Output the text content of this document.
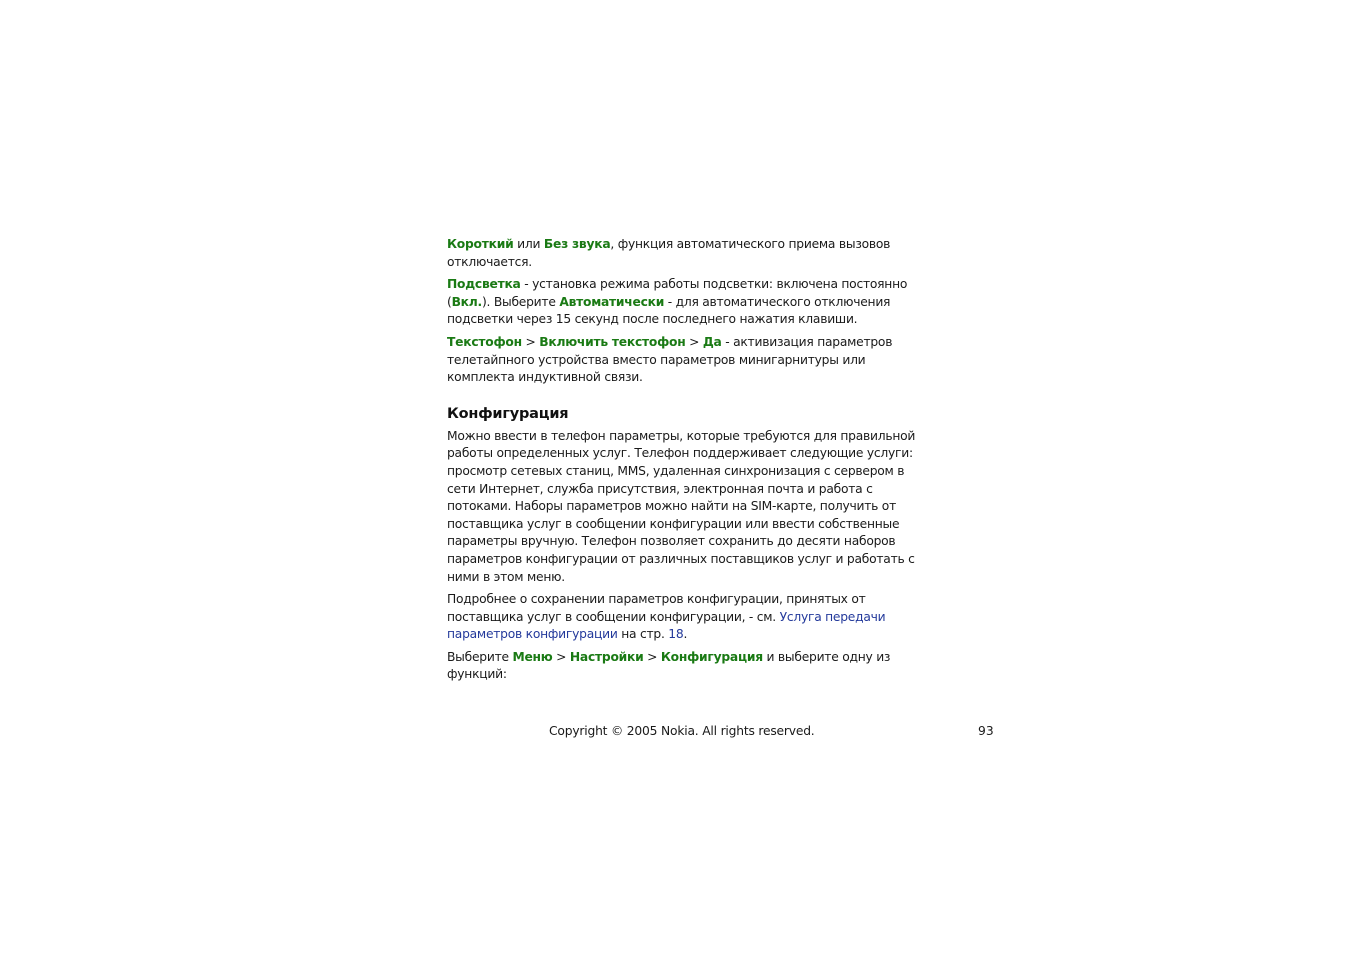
Короткий или Без звука, функция автоматического приема вызовов отключается.

Подсветка - установка режима работы подсветки: включена постоянно (Вкл.). Выберите Автоматически - для автоматического отключения подсветки через 15 секунд после последнего нажатия клавиши.

Текстофон > Включить текстофон > Да - активизация параметров телетайпного устройства вместо параметров минигарнитуры или комплекта индуктивной связи.

Конфигурация

Можно ввести в телефон параметры, которые требуются для правильной работы определенных услуг. Телефон поддерживает следующие услуги: просмотр сетевых станиц, MMS, удаленная синхронизация с сервером в сети Интернет, служба присутствия, электронная почта и работа с потоками. Наборы параметров можно найти на SIM-карте, получить от поставщика услуг в сообщении конфигурации или ввести собственные параметры вручную. Телефон позволяет сохранить до десяти наборов параметров конфигурации от различных поставщиков услуг и работать с ними в этом меню.

Подробнее о сохранении параметров конфигурации, принятых от поставщика услуг в сообщении конфигурации, - см. Услуга передачи параметров конфигурации на стр. 18.

Выберите Меню > Настройки > Конфигурация и выберите одну из функций:

Copyright © 2005 Nokia. All rights reserved.	93
